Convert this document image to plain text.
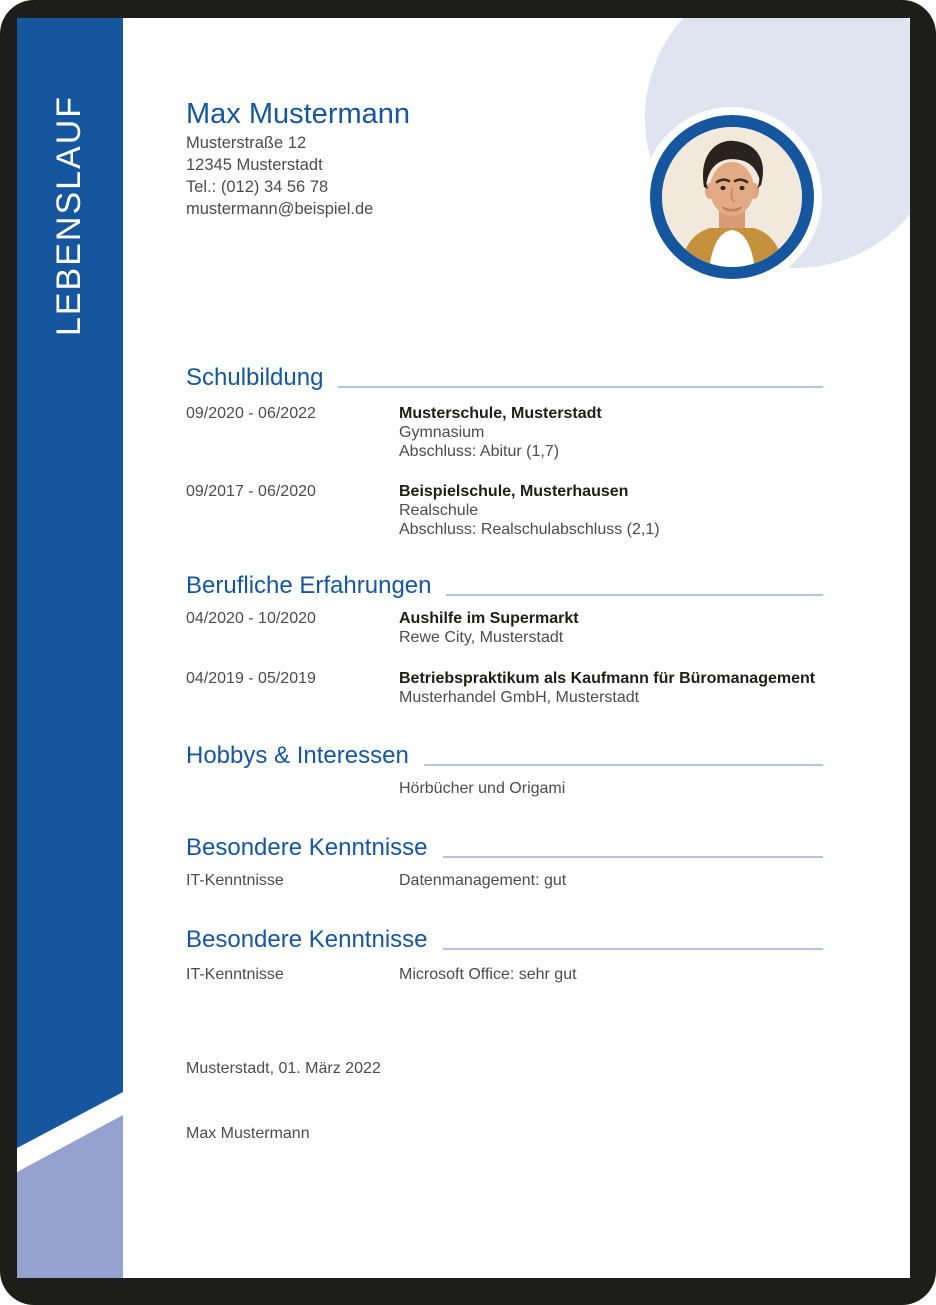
LEBENSLAUF	Max Mustermann
Musterstraße 12
12345 Musterstadt
Tel.: (012) 34 56 78
mustermann@beispiel.de
Schulbildung
09/2020 - 06/2022	Musterschule, Musterstadt
Gymnasium
Abschluss: Abitur (1,7)
09/2017 - 06/2020	Beispielschule, Musterhausen
Realschule
Abschluss: Realschulabschluss (2,1)
Berufliche Erfahrungen
04/2020 - 10/2020	Aushilfe im Supermarkt
Rewe City, Musterstadt
04/2019 - 05/2019	Betriebspraktikum als Kaufmann für Büromanagement
Musterhandel GmbH, Musterstadt
Hobbys & Interessen
Hörbücher und Origami
Besondere Kenntnisse
IT-Kenntnisse	Datenmanagement: gut
Besondere Kenntnisse
IT-Kenntnisse	Microsoft Office: sehr gut
Musterstadt, 01. März 2022
Max Mustermann
